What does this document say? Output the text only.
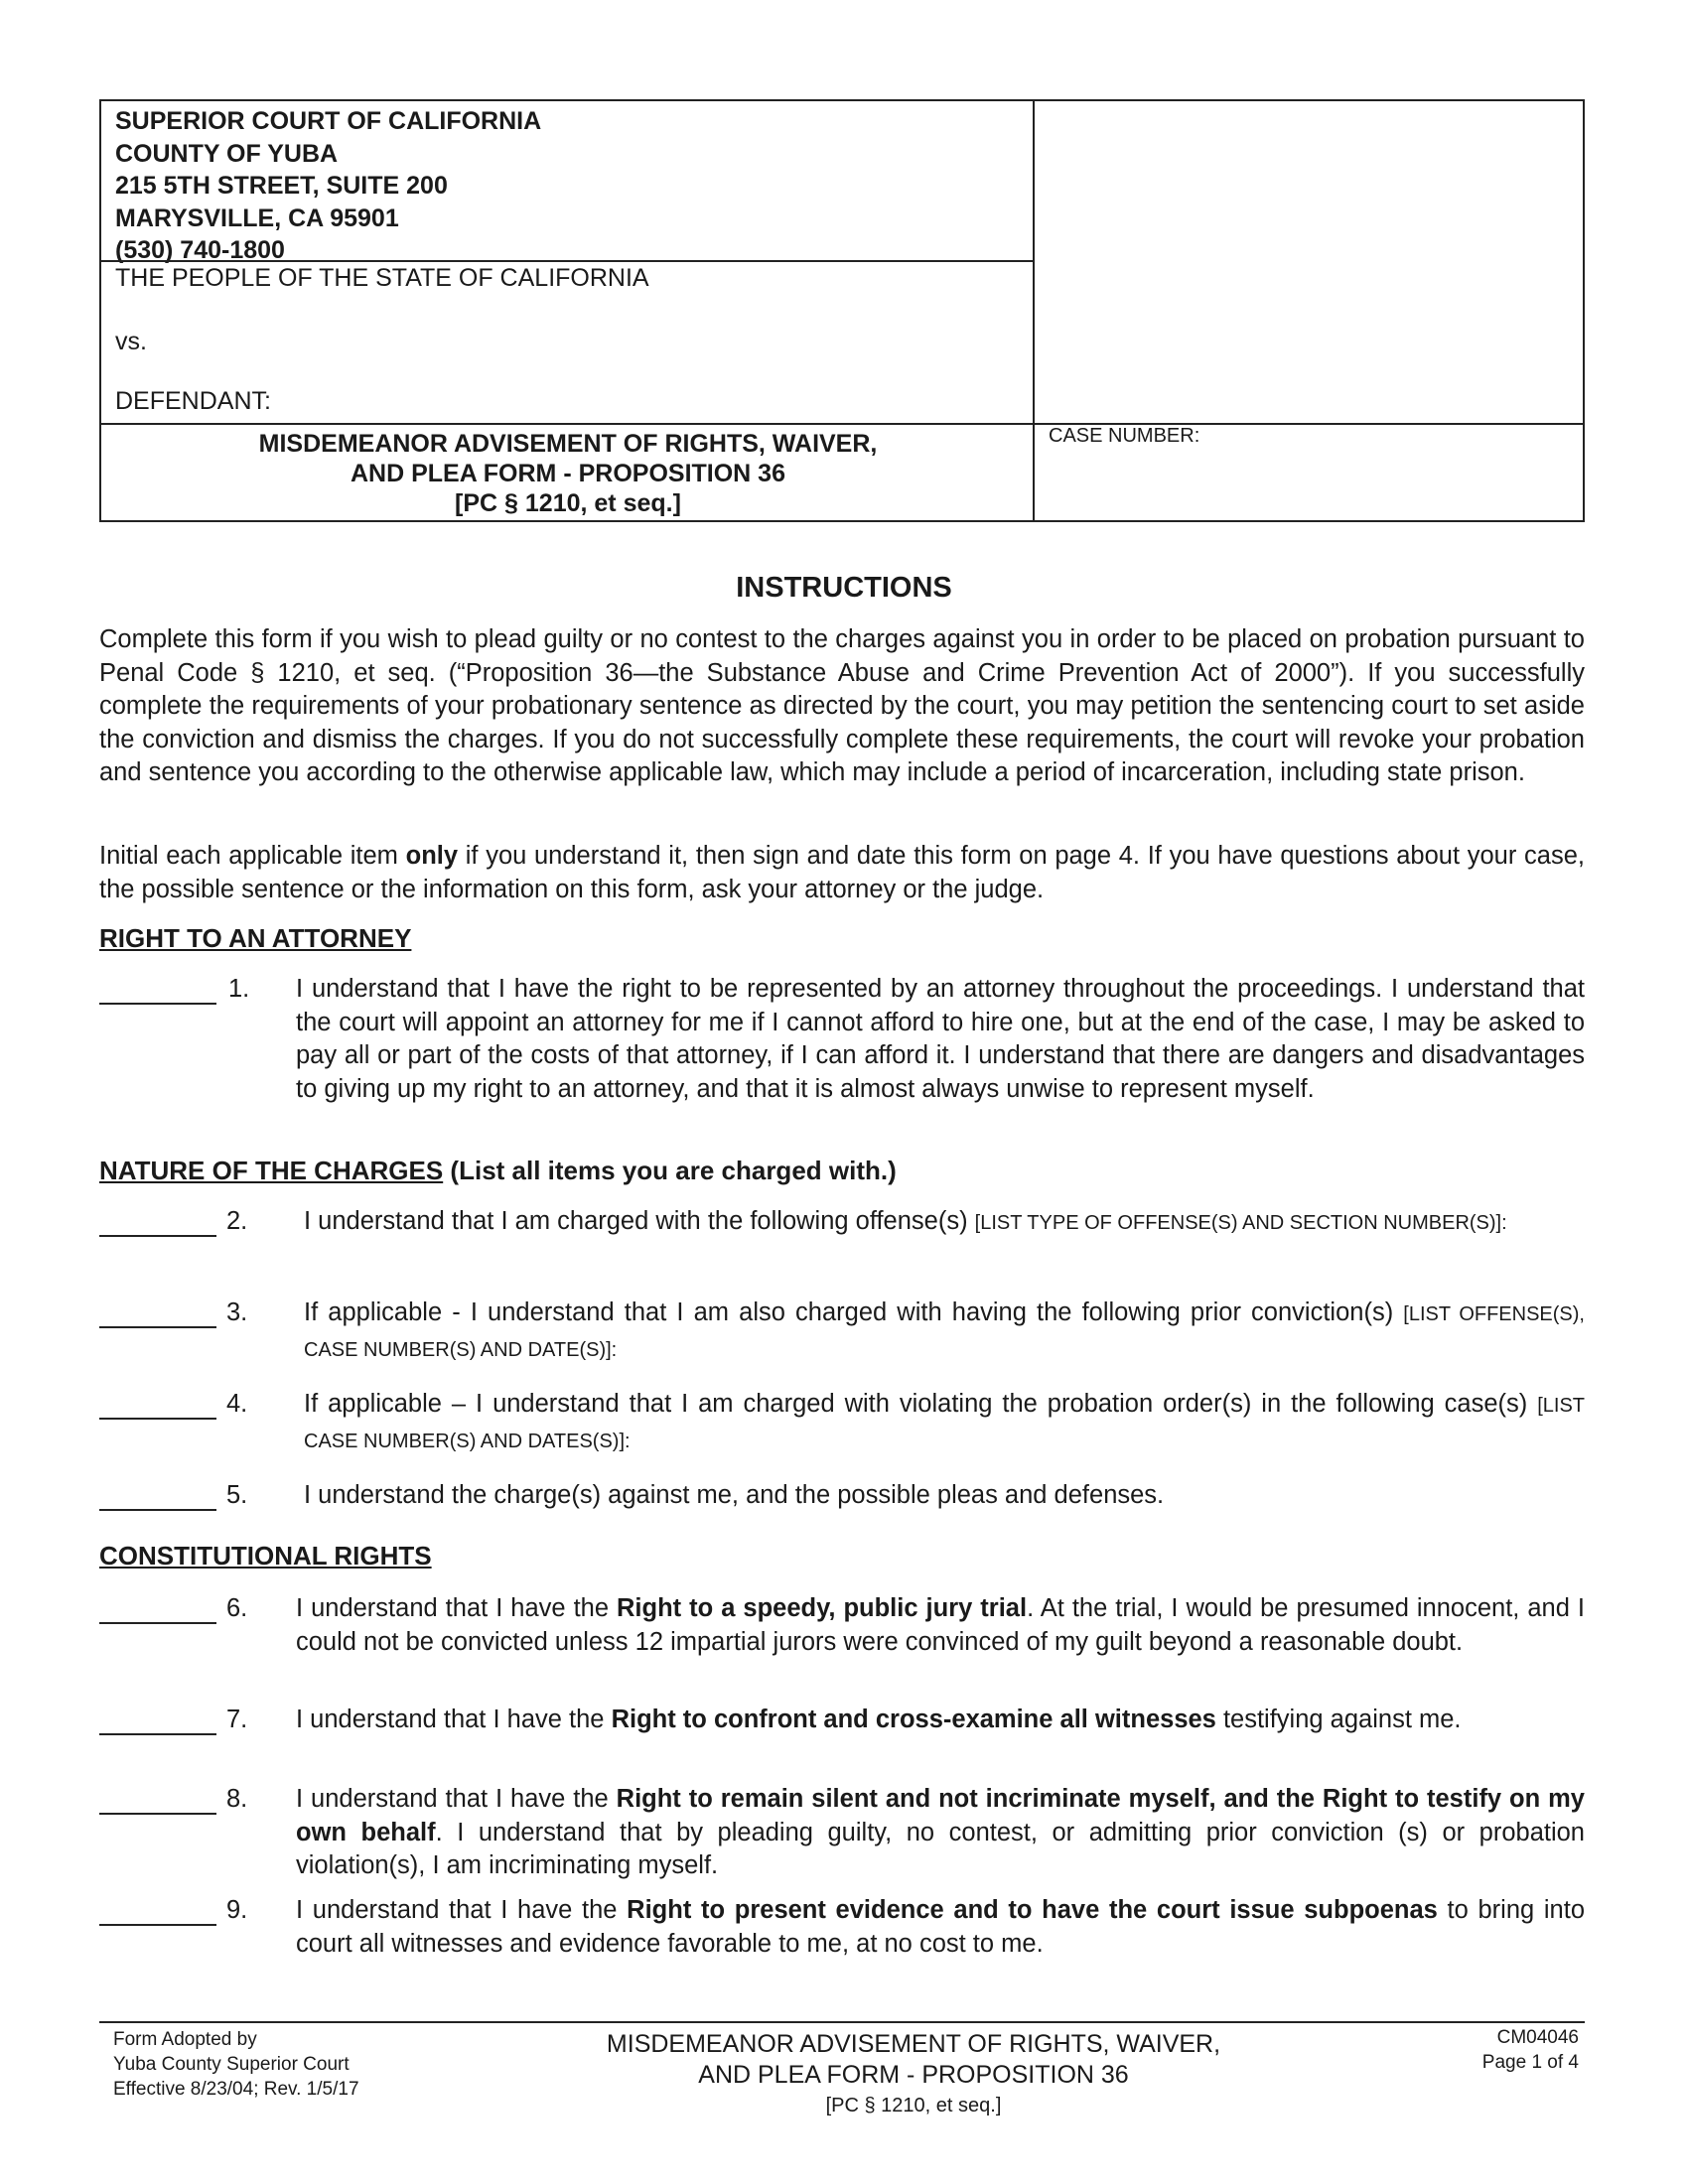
SUPERIOR COURT OF CALIFORNIA
COUNTY OF YUBA
215 5TH STREET, SUITE 200
MARYSVILLE, CA 95901
(530) 740-1800
THE PEOPLE OF THE STATE OF CALIFORNIA
vs.
DEFENDANT:
MISDEMEANOR ADVISEMENT OF RIGHTS, WAIVER,
AND PLEA FORM - PROPOSITION 36
[PC § 1210, et seq.]
CASE NUMBER:
INSTRUCTIONS

Complete this form if you wish to plead guilty or no contest to the charges against you in order to be placed on probation pursuant to Penal Code § 1210, et seq. (“Proposition 36—the Substance Abuse and Crime Prevention Act of 2000”). If you successfully complete the requirements of your probationary sentence as directed by the court, you may petition the sentencing court to set aside the conviction and dismiss the charges. If you do not successfully complete these requirements, the court will revoke your probation and sentence you according to the otherwise applicable law, which may include a period of incarceration, including state prison.

Initial each applicable item only if you understand it, then sign and date this form on page 4. If you have questions about your case, the possible sentence or the information on this form, ask your attorney or the judge.

RIGHT TO AN ATTORNEY
1.	I understand that I have the right to be represented by an attorney throughout the proceedings. I understand that the court will appoint an attorney for me if I cannot afford to hire one, but at the end of the case, I may be asked to pay all or part of the costs of that attorney, if I can afford it. I understand that there are dangers and disadvantages to giving up my right to an attorney, and that it is almost always unwise to represent myself.

NATURE OF THE CHARGES (List all items you are charged with.)
2.	I understand that I am charged with the following offense(s) [LIST TYPE OF OFFENSE(S) AND SECTION NUMBER(S)]:

3.	If applicable - I understand that I am also charged with having the following prior conviction(s) [LIST OFFENSE(S), CASE NUMBER(S) AND DATE(S)]:

4.	If applicable – I understand that I am charged with violating the probation order(s) in the following case(s) [LIST CASE NUMBER(S) AND DATES(S)]:

5.	I understand the charge(s) against me, and the possible pleas and defenses.

CONSTITUTIONAL RIGHTS
6.	I understand that I have the Right to a speedy, public jury trial. At the trial, I would be presumed innocent, and I could not be convicted unless 12 impartial jurors were convinced of my guilt beyond a reasonable doubt.

7.	I understand that I have the Right to confront and cross-examine all witnesses testifying against me.

8.	I understand that I have the Right to remain silent and not incriminate myself, and the Right to testify on my own behalf. I understand that by pleading guilty, no contest, or admitting prior conviction (s) or probation violation(s), I am incriminating myself.

9.	I understand that I have the Right to present evidence and to have the court issue subpoenas to bring into court all witnesses and evidence favorable to me, at no cost to me.

Form Adopted by
Yuba County Superior Court
Effective 8/23/04; Rev. 1/5/17
MISDEMEANOR ADVISEMENT OF RIGHTS, WAIVER,
AND PLEA FORM - PROPOSITION 36
[PC § 1210, et seq.]
CM04046
Page 1 of 4
